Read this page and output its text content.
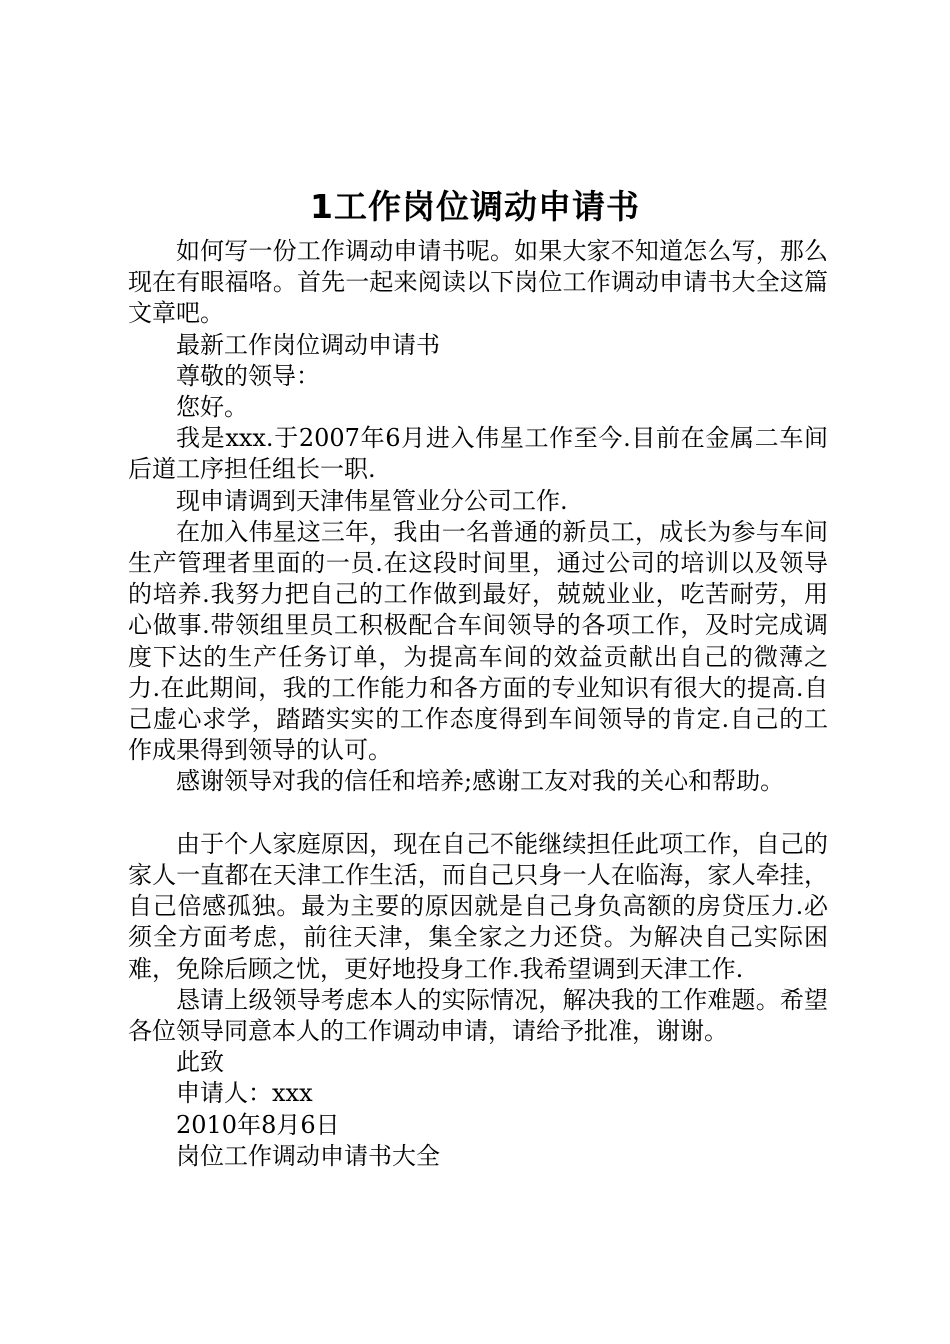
1工作岗位调动申请书

如何写一份工作调动申请书呢。如果大家不知道怎么写，那么现在有眼福咯。首先一起来阅读以下岗位工作调动申请书大全这篇文章吧。

最新工作岗位调动申请书

尊敬的领导：

您好。

我是xxx.于2007年6月进入伟星工作至今.目前在金属二车间后道工序担任组长一职.

现申请调到天津伟星管业分公司工作.

在加入伟星这三年，我由一名普通的新员工，成长为参与车间生产管理者里面的一员.在这段时间里，通过公司的培训以及领导的培养.我努力把自己的工作做到最好，兢兢业业，吃苦耐劳，用心做事.带领组里员工积极配合车间领导的各项工作，及时完成调度下达的生产任务订单，为提高车间的效益贡献出自己的微薄之力.在此期间，我的工作能力和各方面的专业知识有很大的提高.自己虚心求学，踏踏实实的工作态度得到车间领导的肯定.自己的工作成果得到领导的认可。

感谢领导对我的信任和培养;感谢工友对我的关心和帮助。

由于个人家庭原因，现在自己不能继续担任此项工作，自己的家人一直都在天津工作生活，而自己只身一人在临海，家人牵挂，自己倍感孤独。最为主要的原因就是自己身负高额的房贷压力.必须全方面考虑，前往天津，集全家之力还贷。为解决自己实际困难，免除后顾之忧，更好地投身工作.我希望调到天津工作.

恳请上级领导考虑本人的实际情况，解决我的工作难题。希望各位领导同意本人的工作调动申请，请给予批准，谢谢。

此致

申请人：xxx

2010年8月6日

岗位工作调动申请书大全
